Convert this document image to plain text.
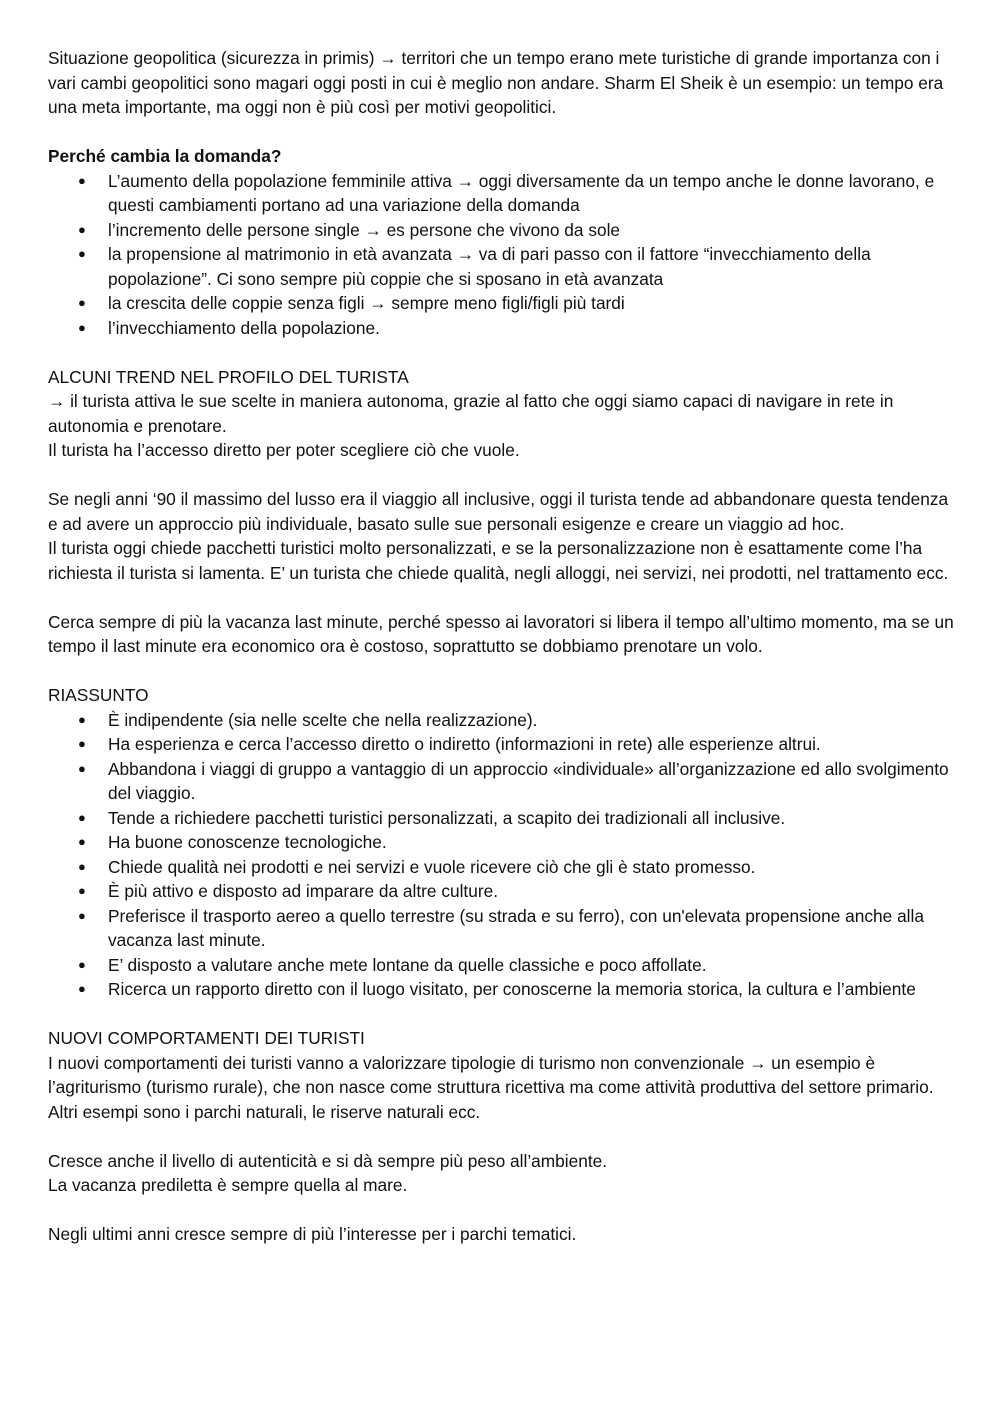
Situazione geopolitica (sicurezza in primis) → territori che un tempo erano mete turistiche di grande importanza con i vari cambi geopolitici sono magari oggi posti in cui è meglio non andare. Sharm El Sheik è un esempio: un tempo era una meta importante, ma oggi non è più così per motivi geopolitici.

Perché cambia la domanda?

● L’aumento della popolazione femminile attiva → oggi diversamente da un tempo anche le donne lavorano, e questi cambiamenti portano ad una variazione della domanda
● l’incremento delle persone single → es persone che vivono da sole
● la propensione al matrimonio in età avanzata → va di pari passo con il fattore “invecchiamento della popolazione”. Ci sono sempre più coppie che si sposano in età avanzata
● la crescita delle coppie senza figli → sempre meno figli/figli più tardi
● l’invecchiamento della popolazione.

ALCUNI TREND NEL PROFILO DEL TURISTA

→ il turista attiva le sue scelte in maniera autonoma, grazie al fatto che oggi siamo capaci di navigare in rete in autonomia e prenotare.

Il turista ha l’accesso diretto per poter scegliere ciò che vuole.

Se negli anni ‘90 il massimo del lusso era il viaggio all inclusive, oggi il turista tende ad abbandonare questa tendenza e ad avere un approccio più individuale, basato sulle sue personali esigenze e creare un viaggio ad hoc.

Il turista oggi chiede pacchetti turistici molto personalizzati, e se la personalizzazione non è esattamente come l’ha richiesta il turista si lamenta. E’ un turista che chiede qualità, negli alloggi, nei servizi, nei prodotti, nel trattamento ecc.

Cerca sempre di più la vacanza last minute, perché spesso ai lavoratori si libera il tempo all’ultimo momento, ma se un tempo il last minute era economico ora è costoso, soprattutto se dobbiamo prenotare un volo.

RIASSUNTO

● È indipendente (sia nelle scelte che nella realizzazione).
● Ha esperienza e cerca l’accesso diretto o indiretto (informazioni in rete) alle esperienze altrui.
● Abbandona i viaggi di gruppo a vantaggio di un approccio «individuale» all’organizzazione ed allo svolgimento del viaggio.
● Tende a richiedere pacchetti turistici personalizzati, a scapito dei tradizionali all inclusive.
● Ha buone conoscenze tecnologiche.
● Chiede qualità nei prodotti e nei servizi e vuole ricevere ciò che gli è stato promesso.
● È più attivo e disposto ad imparare da altre culture.
● Preferisce il trasporto aereo a quello terrestre (su strada e su ferro), con un'elevata propensione anche alla vacanza last minute.
● E’ disposto a valutare anche mete lontane da quelle classiche e poco affollate.
● Ricerca un rapporto diretto con il luogo visitato, per conoscerne la memoria storica, la cultura e l’ambiente

NUOVI COMPORTAMENTI DEI TURISTI

I nuovi comportamenti dei turisti vanno a valorizzare tipologie di turismo non convenzionale → un esempio è l’agriturismo (turismo rurale), che non nasce come struttura ricettiva ma come attività produttiva del settore primario.

Altri esempi sono i parchi naturali, le riserve naturali ecc.

Cresce anche il livello di autenticità e si dà sempre più peso all’ambiente.

La vacanza prediletta è sempre quella al mare.

Negli ultimi anni cresce sempre di più l’interesse per i parchi tematici.
